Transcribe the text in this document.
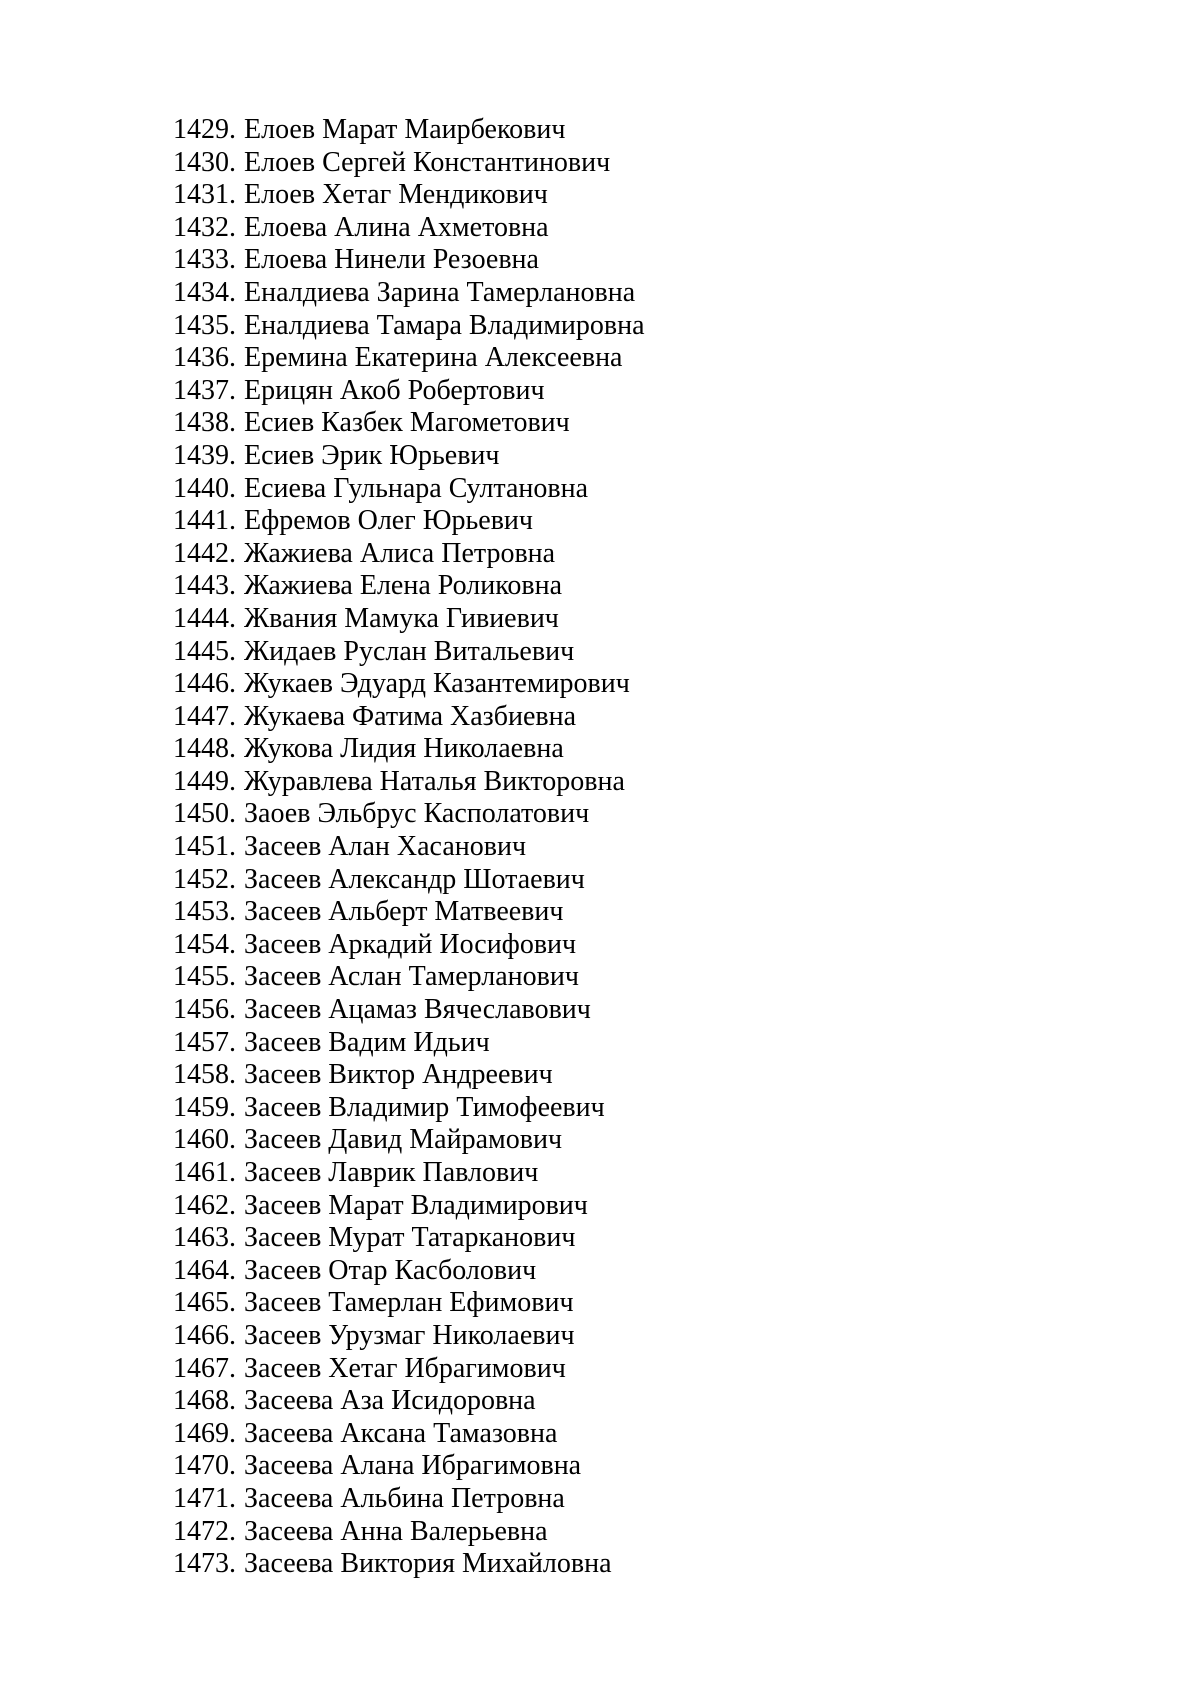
1429. Елоев Марат Маирбекович
1430. Елоев Сергей Константинович
1431. Елоев Хетаг Мендикович
1432. Елоева Алина Ахметовна
1433. Елоева Нинели Резоевна
1434. Еналдиева Зарина Тамерлановна
1435. Еналдиева Тамара Владимировна
1436. Еремина Екатерина Алексеевна
1437. Ерицян Акоб Робертович
1438. Есиев Казбек Магометович
1439. Есиев Эрик Юрьевич
1440. Есиева Гульнара Султановна
1441. Ефремов Олег Юрьевич
1442. Жажиева Алиса Петровна
1443. Жажиева Елена Роликовна
1444. Жвания Мамука Гивиевич
1445. Жидаев Руслан Витальевич
1446. Жукаев Эдуард Казантемирович
1447. Жукаева Фатима Хазбиевна
1448. Жукова Лидия Николаевна
1449. Журавлева Наталья Викторовна
1450. Заоев Эльбрус Касполатович
1451. Засеев Алан Хасанович
1452. Засеев Александр Шотаевич
1453. Засеев Альберт Матвеевич
1454. Засеев Аркадий Иосифович
1455. Засеев Аслан Тамерланович
1456. Засеев Ацамаз Вячеславович
1457. Засеев Вадим Идьич
1458. Засеев Виктор Андреевич
1459. Засеев Владимир Тимофеевич
1460. Засеев Давид Майрамович
1461. Засеев Лаврик Павлович
1462. Засеев Марат Владимирович
1463. Засеев Мурат Татарканович
1464. Засеев Отар Касболович
1465. Засеев Тамерлан Ефимович
1466. Засеев Урузмаг Николаевич
1467. Засеев Хетаг Ибрагимович
1468. Засеева Аза Исидоровна
1469. Засеева Аксана Тамазовна
1470. Засеева Алана Ибрагимовна
1471. Засеева Альбина Петровна
1472. Засеева Анна Валерьевна
1473. Засеева Виктория Михайловна
